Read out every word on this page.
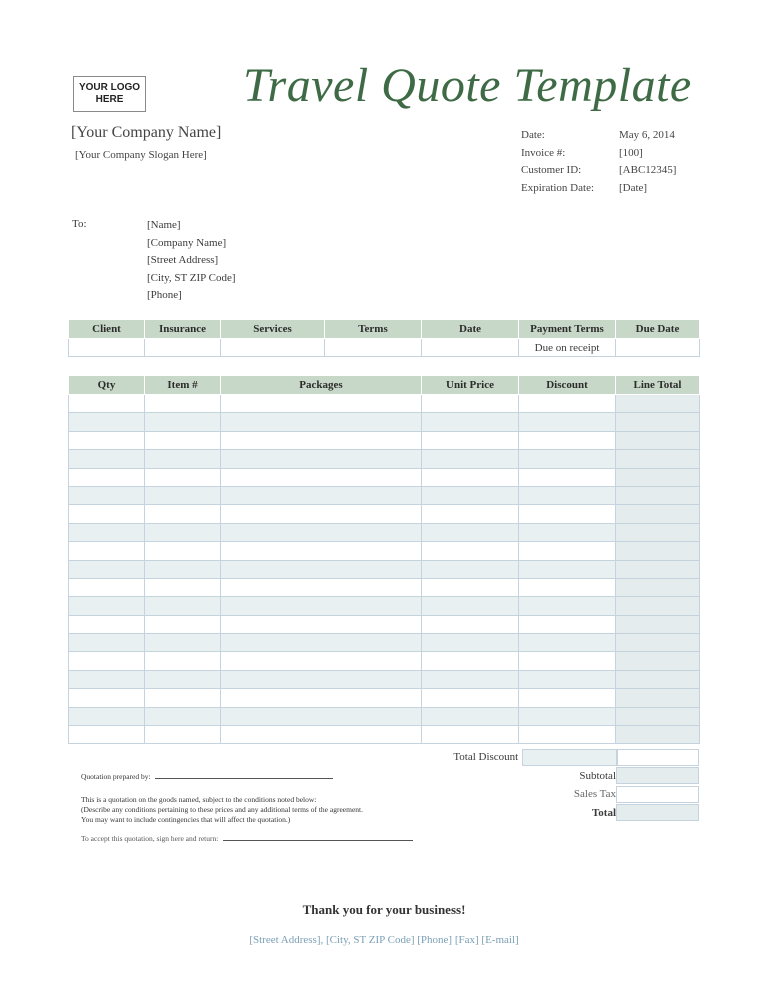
YOUR LOGO
HERE	Travel Quote Template
[Your Company Name]
[Your Company Slogan Here]
Date:	May 6, 2014
Invoice #:	[100]
Customer ID:	[ABC12345]
Expiration Date:	[Date]
To:	[Name]
[Company Name]
[Street Address]
[City, ST ZIP Code]
[Phone]
Client	Insurance	Services	Terms	Date	Payment Terms	Due Date
					Due on receipt	
Qty	Item #	Packages	Unit Price	Discount	Line Total

Total Discount
Subtotal
Sales Tax
Total
Quotation prepared by:
This is a quotation on the goods named, subject to the conditions noted below:
(Describe any conditions pertaining to these prices and any additional terms of the agreement.
You may want to include contingencies that will affect the quotation.)
To accept this quotation, sign here and return:
Thank you for your business!
[Street Address], [City, ST ZIP Code] [Phone] [Fax] [E-mail]
